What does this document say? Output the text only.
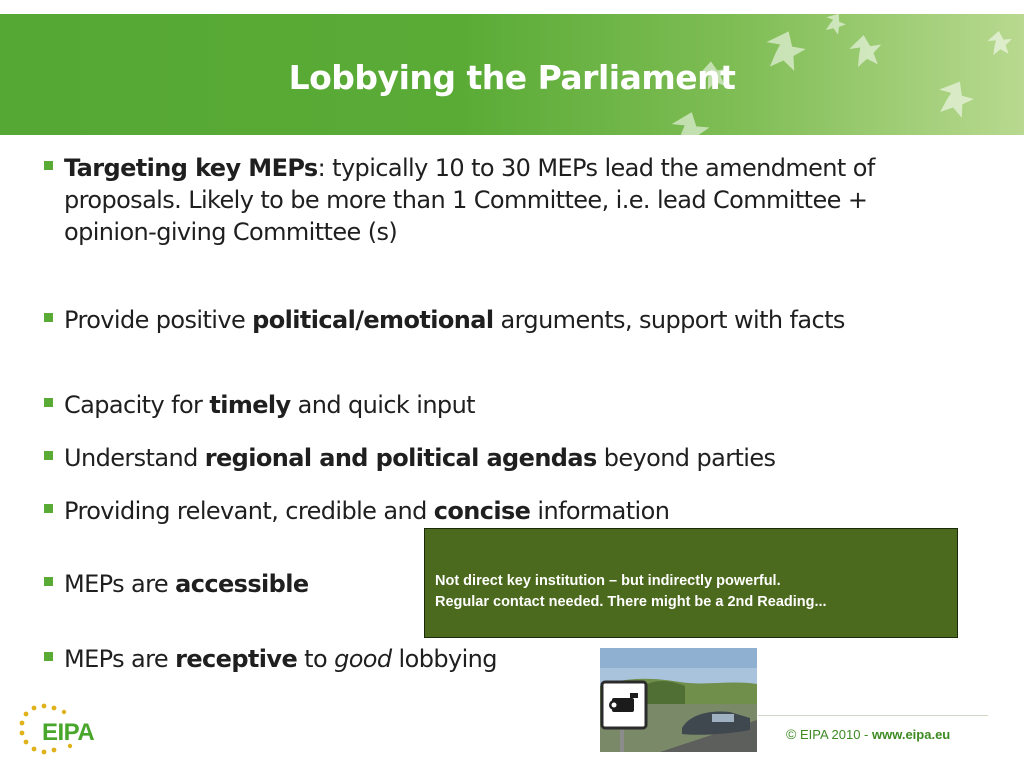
Lobbying the Parliament
Targeting key MEPs: typically 10 to 30 MEPs lead the amendment of proposals. Likely to be more than 1 Committee, i.e. lead Committee + opinion-giving Committee (s)
Provide positive political/emotional arguments, support with facts
Capacity for timely and quick input
Understand regional and political agendas beyond parties
Providing relevant, credible and concise information
MEPs are accessible
MEPs are receptive to good lobbying
Not direct key institution – but indirectly powerful.
Regular contact needed. There might be a 2nd Reading...
© EIPA 2010 - www.eipa.eu
EIPA
